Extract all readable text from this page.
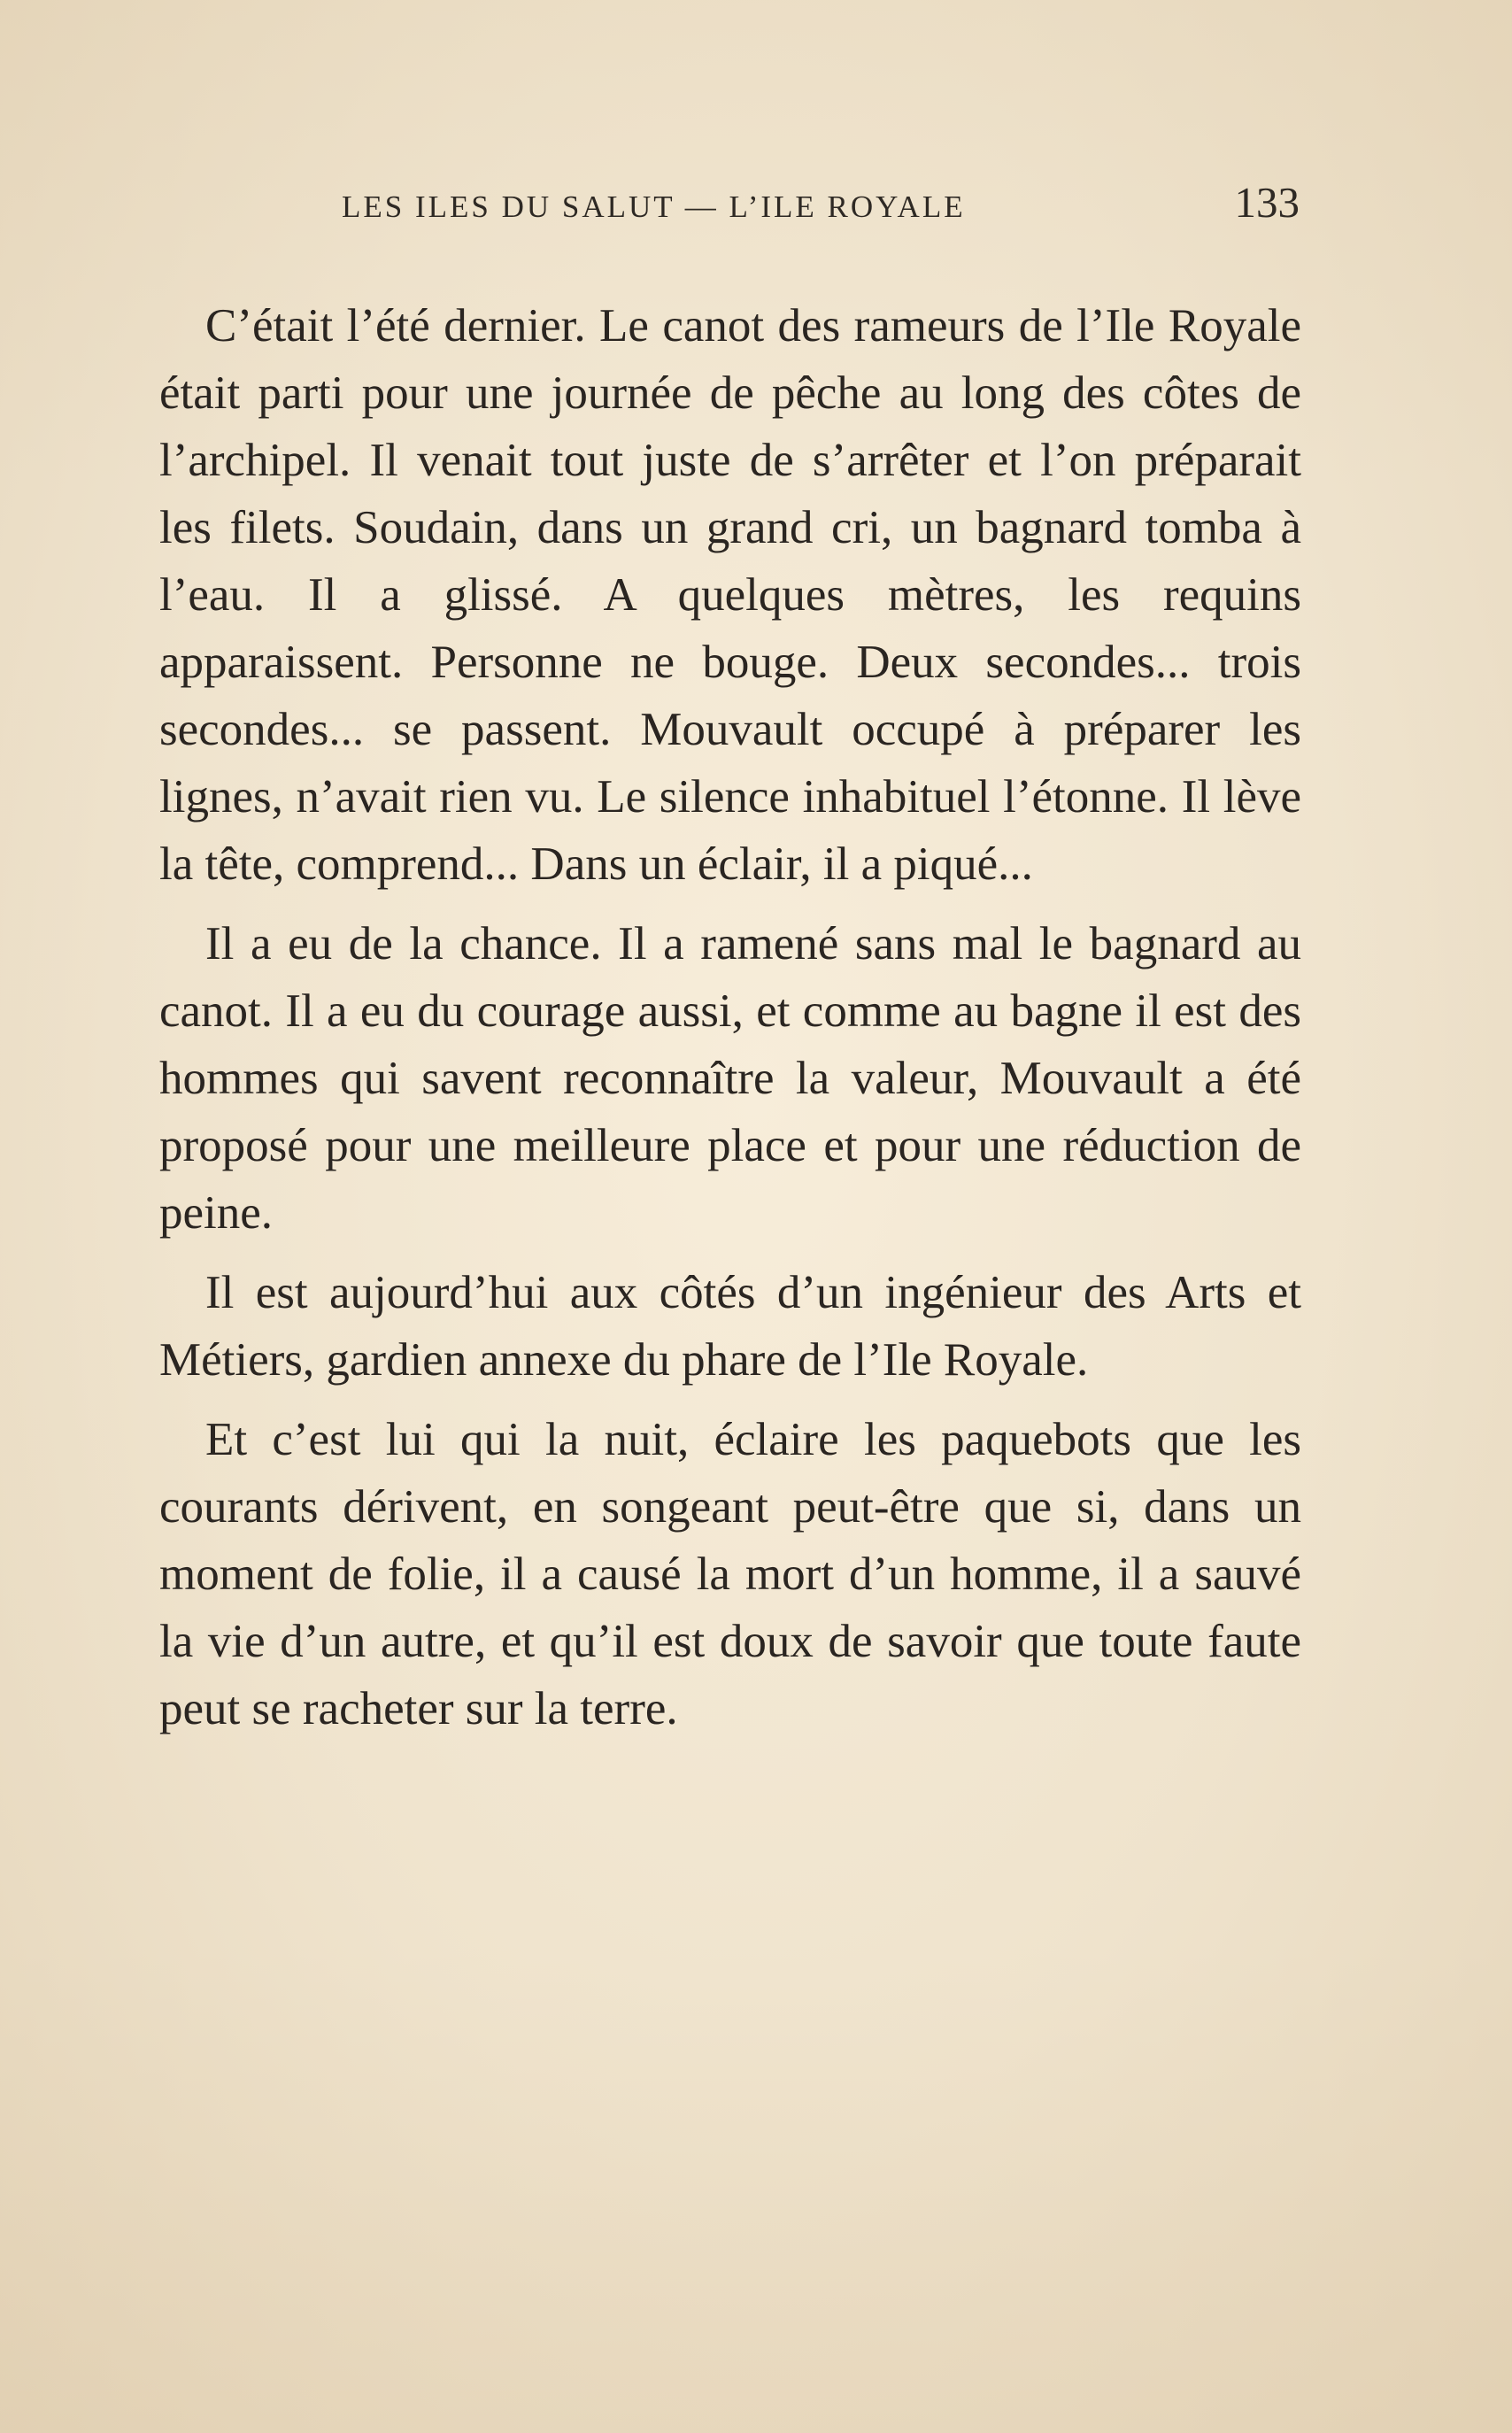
LES ILES DU SALUT — L’ILE ROYALE	133

C’était l’été dernier. Le canot des rameurs de l’Ile Royale était parti pour une journée de pêche au long des côtes de l’archipel. Il venait tout juste de s’arrêter et l’on préparait les filets. Soudain, dans un grand cri, un bagnard tomba à l’eau. Il a glissé. A quelques mètres, les requins apparaissent. Personne ne bouge. Deux secondes... trois secondes... se passent. Mouvault occupé à préparer les lignes, n’avait rien vu. Le silence inhabituel l’étonne. Il lève la tête, comprend... Dans un éclair, il a piqué...

Il a eu de la chance. Il a ramené sans mal le bagnard au canot. Il a eu du courage aussi, et comme au bagne il est des hommes qui savent reconnaître la valeur, Mouvault a été proposé pour une meilleure place et pour une réduction de peine.

Il est aujourd’hui aux côtés d’un ingénieur des Arts et Métiers, gardien annexe du phare de l’Ile Royale.

Et c’est lui qui la nuit, éclaire les paquebots que les courants dérivent, en songeant peut-être que si, dans un moment de folie, il a causé la mort d’un homme, il a sauvé la vie d’un autre, et qu’il est doux de savoir que toute faute peut se racheter sur la terre.
